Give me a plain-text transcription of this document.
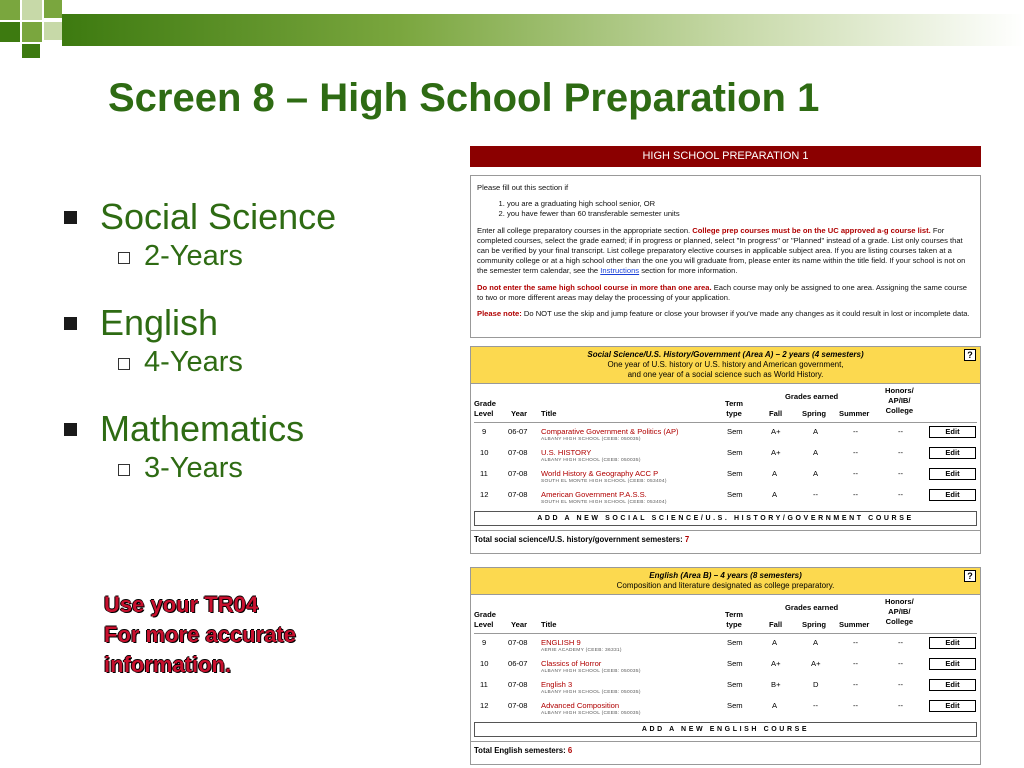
Screen 8 – High School Preparation 1
Social Science
2-Years
English
4-Years
Mathematics
3-Years
Use your TR04
For more accurate
information.
HIGH SCHOOL PREPARATION 1

Please fill out this section if

1. you are a graduating high school senior, OR
2. you have fewer than 60 transferable semester units

Enter all college preparatory courses in the appropriate section. College prep courses must be on the UC approved a-g course list. For completed courses, select the grade earned; if in progress or planned, select "In progress" or "Planned" instead of a grade. List only courses that can be verified by your final transcript. List college preparatory elective courses in applicable subject area. If you are listing courses taken at a community college or at a high school other than the one you will graduate from, please enter its name within the title field. If your school is not on the semester term calendar, see the Instructions section for more information.

Do not enter the same high school course in more than one area. Each course may only be assigned to one area. Assigning the same course to two or more different areas may delay the processing of your application.

Please note: Do NOT use the skip and jump feature or close your browser if you've made any changes as it could result in lost or incomplete data.

Social Science/U.S. History/Government (Area A) – 2 years (4 semesters)
One year of U.S. history or U.S. history and American government,
and one year of a social science such as World History.
?
Grade
Level	Year Title
Term
type
Grades earned
Fall	Spring Summer
Honors/
AP/IB/
College
9	06-07 Comparative Government & Politics (AP)
ALBANY HIGH SCHOOL (CEEB: 050035)
Sem	A+	A	--	--	Edit
10	07-08 U.S. HISTORY
ALBANY HIGH SCHOOL (CEEB: 050035)
Sem	A+	A	--	--	Edit
11	07-08 World History & Geography ACC P
SOUTH EL MONTE HIGH SCHOOL (CEEB: 053404)
Sem	A	A	--	--	Edit
12	07-08 American Government P.A.S.S.
SOUTH EL MONTE HIGH SCHOOL (CEEB: 053404)
Sem	A	--	--	--	Edit
ADD A NEW SOCIAL SCIENCE/U.S. HISTORY/GOVERNMENT COURSE
Total social science/U.S. history/government semesters: 7
English (Area B) – 4 years (8 semesters)
Composition and literature designated as college preparatory.
?
Grade
Level	Year Title
Term
type
Grades earned
Fall	Spring Summer
Honors/
AP/IB/
College
9	07-08 ENGLISH 9
AERIE ACADEMY (CEEB: 36331)
Sem	A	A	--	--	Edit
10	06-07 Classics of Horror
ALBANY HIGH SCHOOL (CEEB: 050035)
Sem	A+	A+	--	--	Edit
11	07-08 English 3
ALBANY HIGH SCHOOL (CEEB: 050035)
Sem	B+	D	--	--	Edit
12	07-08 Advanced Composition
ALBANY HIGH SCHOOL (CEEB: 050035)
Sem	A	--	--	--	Edit
ADD A NEW ENGLISH COURSE
Total English semesters: 6
